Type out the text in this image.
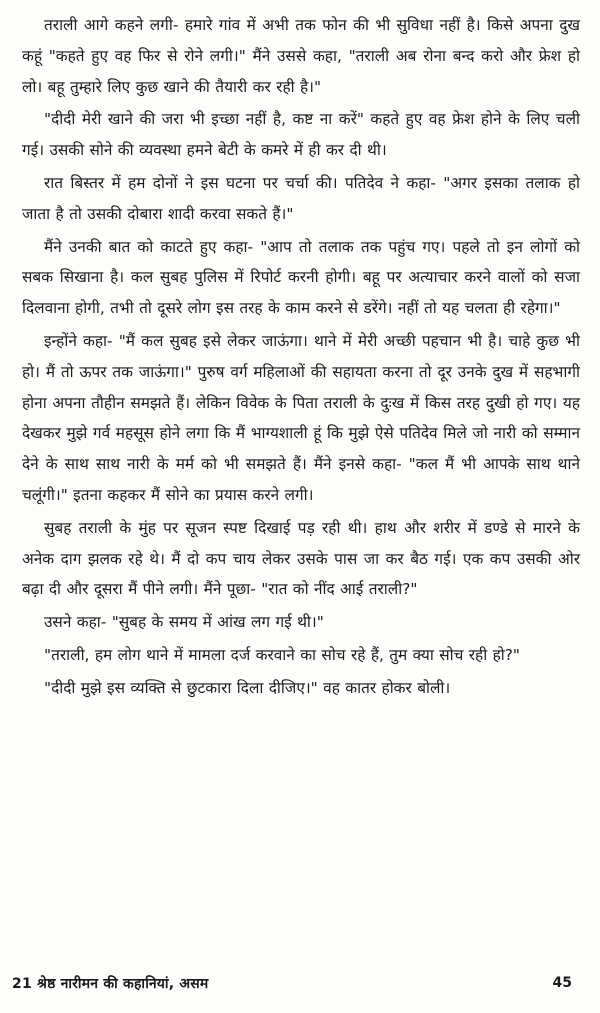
तराली आगे कहने लगी- हमारे गांव में अभी तक फोन की भी सुविधा नहीं है। किसे अपना दुख कहूं "कहते हुए वह फिर से रोने लगी।" मैंने उससे कहा, "तराली अब रोना बन्द करो और फ्रेश हो लो। बहू तुम्हारे लिए कुछ खाने की तैयारी कर रही है।"

"दीदी मेरी खाने की जरा भी इच्छा नहीं है, कष्ट ना करें" कहते हुए वह फ्रेश होने के लिए चली गई। उसकी सोने की व्यवस्था हमने बेटी के कमरे में ही कर दी थी।

रात बिस्तर में हम दोनों ने इस घटना पर चर्चा की। पतिदेव ने कहा- "अगर इसका तलाक हो जाता है तो उसकी दोबारा शादी करवा सकते हैं।"

मैंने उनकी बात को काटते हुए कहा- "आप तो तलाक तक पहुंच गए। पहले तो इन लोगों को सबक सिखाना है। कल सुबह पुलिस में रिपोर्ट करनी होगी। बहू पर अत्याचार करने वालों को सजा दिलवाना होगी, तभी तो दूसरे लोग इस तरह के काम करने से डरेंगे। नहीं तो यह चलता ही रहेगा।"

इन्होंने कहा- "मैं कल सुबह इसे लेकर जाऊंगा। थाने में मेरी अच्छी पहचान भी है। चाहे कुछ भी हो। मैं तो ऊपर तक जाऊंगा।" पुरुष वर्ग महिलाओं की सहायता करना तो दूर उनके दुख में सहभागी होना अपना तौहीन समझते हैं। लेकिन विवेक के पिता तराली के दुःख में किस तरह दुखी हो गए। यह देखकर मुझे गर्व महसूस होने लगा कि मैं भाग्यशाली हूं कि मुझे ऐसे पतिदेव मिले जो नारी को सम्मान देने के साथ साथ नारी के मर्म को भी समझते हैं। मैंने इनसे कहा- "कल मैं भी आपके साथ थाने चलूंगी।" इतना कहकर मैं सोने का प्रयास करने लगी।

सुबह तराली के मुंह पर सूजन स्पष्ट दिखाई पड़ रही थी। हाथ और शरीर में डण्डे से मारने के अनेक दाग झलक रहे थे। मैं दो कप चाय लेकर उसके पास जा कर बैठ गई। एक कप उसकी ओर बढ़ा दी और दूसरा मैं पीने लगी। मैंने पूछा- "रात को नींद आई तराली?"

उसने कहा- "सुबह के समय में आंख लग गई थी।"

"तराली, हम लोग थाने में मामला दर्ज करवाने का सोच रहे हैं, तुम क्या सोच रही हो?"

"दीदी मुझे इस व्यक्ति से छुटकारा दिला दीजिए।" वह कातर होकर बोली।

21 श्रेष्ठ नारीमन की कहानियां, असम	45
